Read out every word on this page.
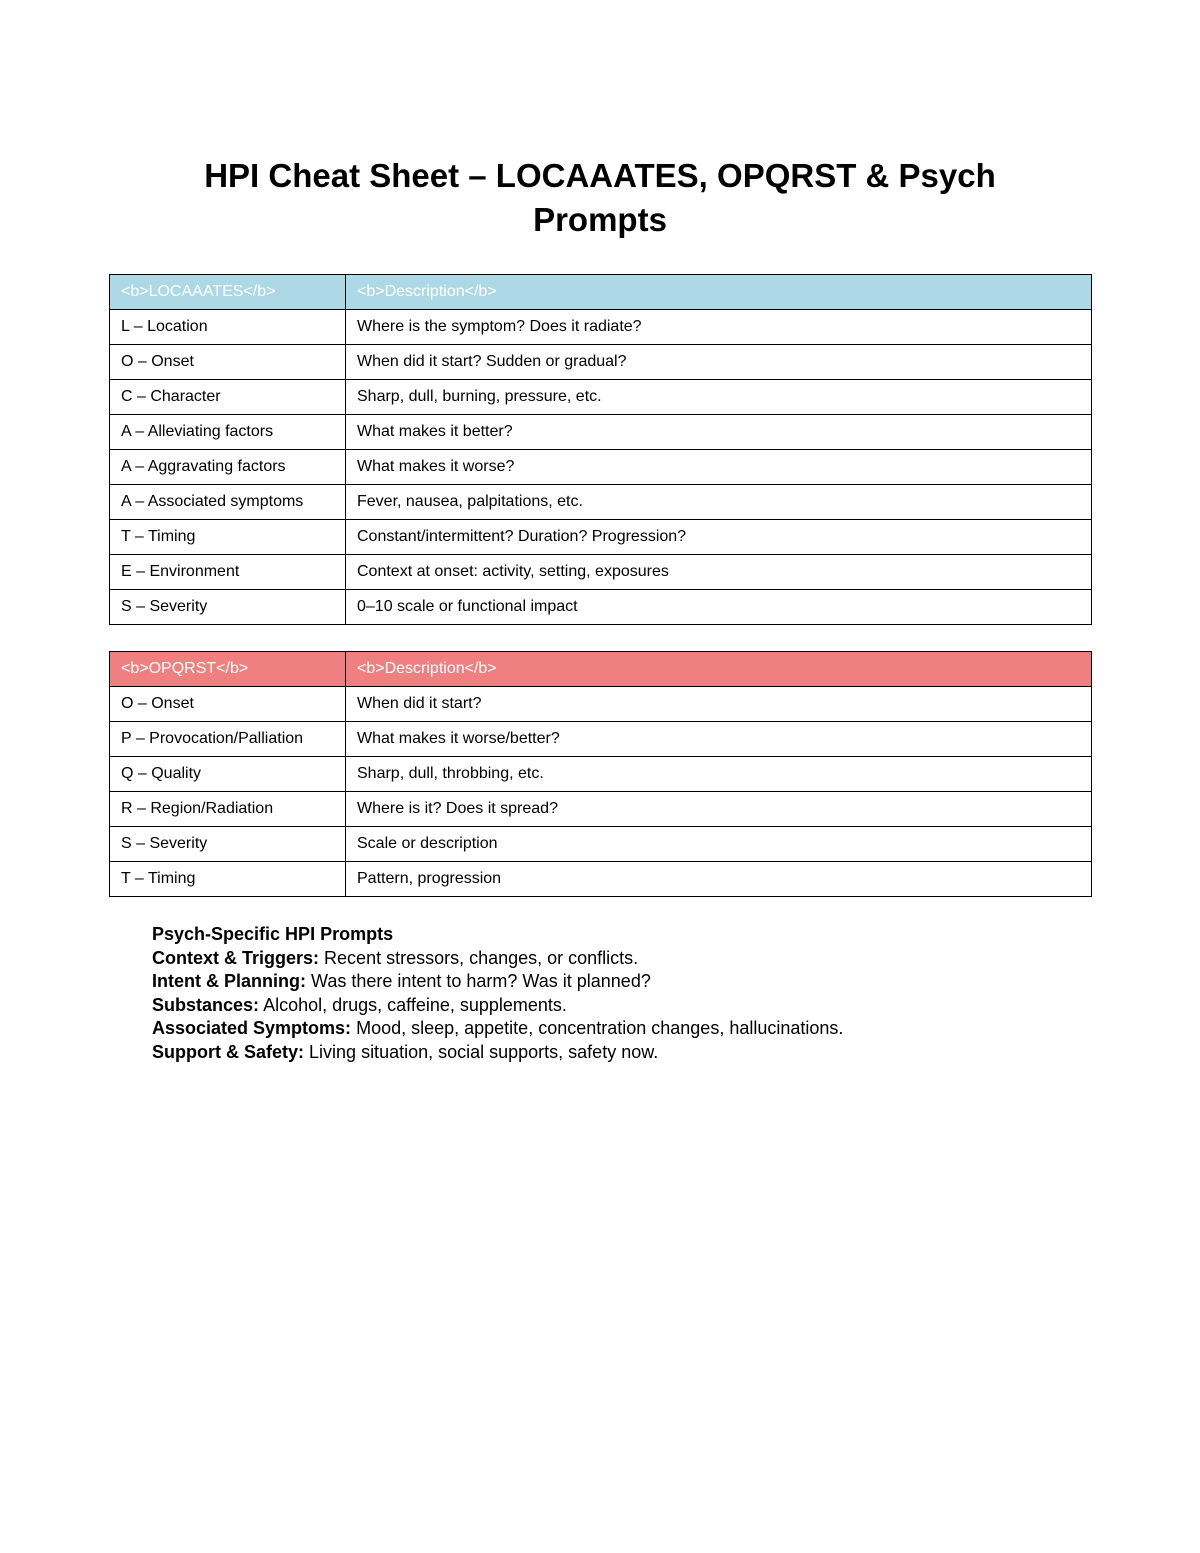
HPI Cheat Sheet – LOCAAATES, OPQRST & Psych Prompts
<b>LOCAAATES</b>	<b>Description</b>
L – Location	Where is the symptom? Does it radiate?
O – Onset	When did it start? Sudden or gradual?
C – Character	Sharp, dull, burning, pressure, etc.
A – Alleviating factors	What makes it better?
A – Aggravating factors	What makes it worse?
A – Associated symptoms	Fever, nausea, palpitations, etc.
T – Timing	Constant/intermittent? Duration? Progression?
E – Environment	Context at onset: activity, setting, exposures
S – Severity	0–10 scale or functional impact
<b>OPQRST</b>	<b>Description</b>
O – Onset	When did it start?
P – Provocation/Palliation	What makes it worse/better?
Q – Quality	Sharp, dull, throbbing, etc.
R – Region/Radiation	Where is it? Does it spread?
S – Severity	Scale or description
T – Timing	Pattern, progression
Psych-Specific HPI Prompts
Context & Triggers: Recent stressors, changes, or conflicts.
Intent & Planning: Was there intent to harm? Was it planned?
Substances: Alcohol, drugs, caffeine, supplements.
Associated Symptoms: Mood, sleep, appetite, concentration changes, hallucinations.
Support & Safety: Living situation, social supports, safety now.
